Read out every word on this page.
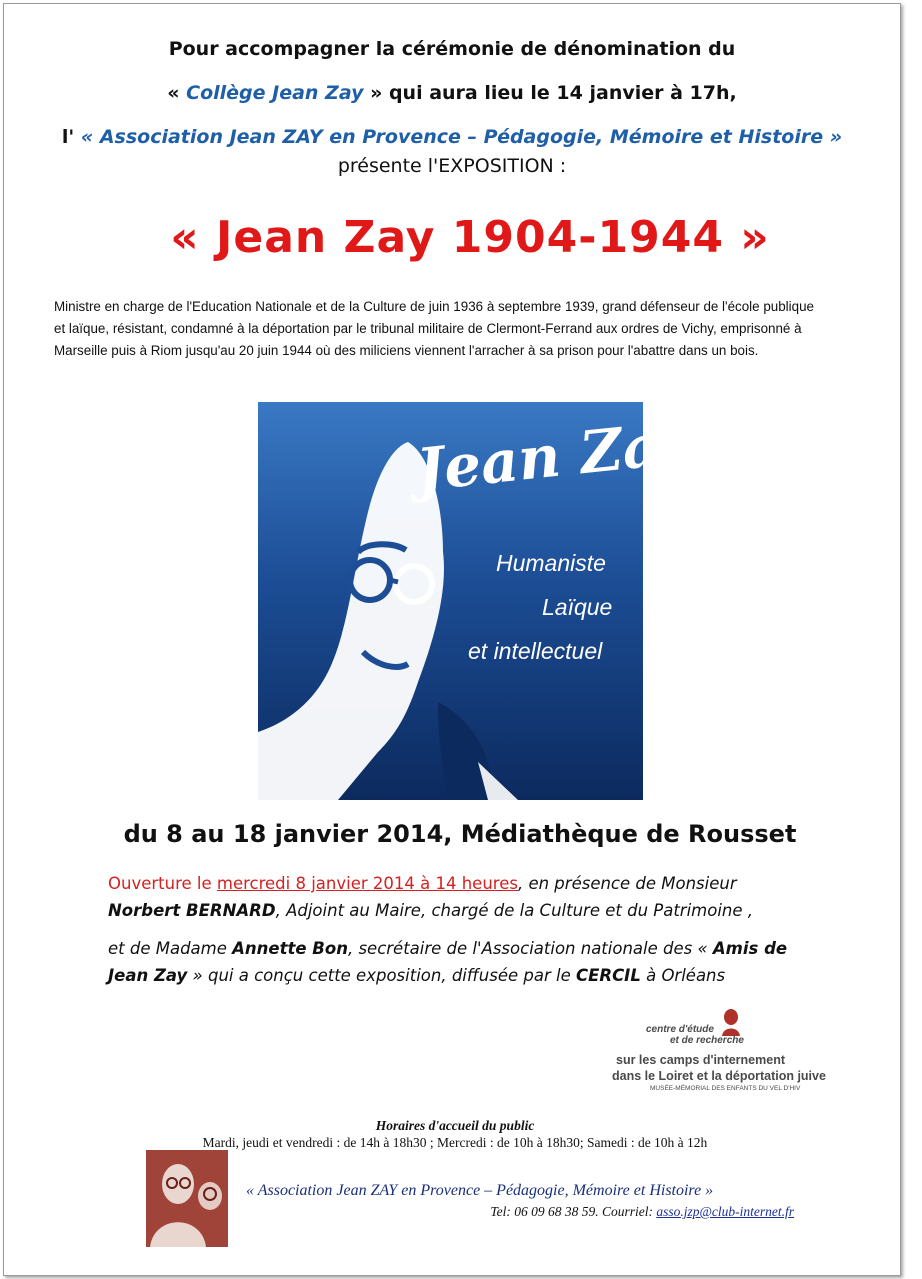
Pour accompagner la cérémonie de dénomination du
« Collège Jean Zay » qui aura lieu le 14 janvier à 17h,
l' « Association Jean ZAY en Provence – Pédagogie, Mémoire et Histoire »
présente l'EXPOSITION :
« Jean Zay 1904-1944 »
Ministre en charge de l'Education Nationale et de la Culture de juin 1936 à septembre 1939, grand défenseur de l'école publique
et laïque, résistant, condamné à la déportation par le tribunal militaire de Clermont-Ferrand aux ordres de Vichy, emprisonné à
Marseille puis à Riom jusqu'au 20 juin 1944 où des miliciens viennent l'arracher à sa prison pour l'abattre dans un bois.
Jean Zay
Humaniste
Laïque
et intellectuel
du 8 au 18 janvier 2014, Médiathèque de Rousset
Ouverture le mercredi 8 janvier 2014 à 14 heures, en présence de Monsieur
Norbert BERNARD, Adjoint au Maire, chargé de la Culture et du Patrimoine ,
et de Madame Annette Bon, secrétaire de l'Association nationale des « Amis de
Jean Zay » qui a conçu cette exposition, diffusée par le CERCIL à Orléans
centre d'étude
et de recherche
sur les camps d'internement
dans le Loiret et la déportation juive
MUSÉE-MÉMORIAL DES ENFANTS DU VEL D'HIV
Horaires d'accueil du public
Mardi, jeudi et vendredi : de 14h à 18h30 ; Mercredi : de 10h à 18h30; Samedi : de 10h à 12h
« Association Jean ZAY en Provence – Pédagogie, Mémoire et Histoire »
Tel: 06 09 68 38 59. Courriel: asso.jzp@club-internet.fr
